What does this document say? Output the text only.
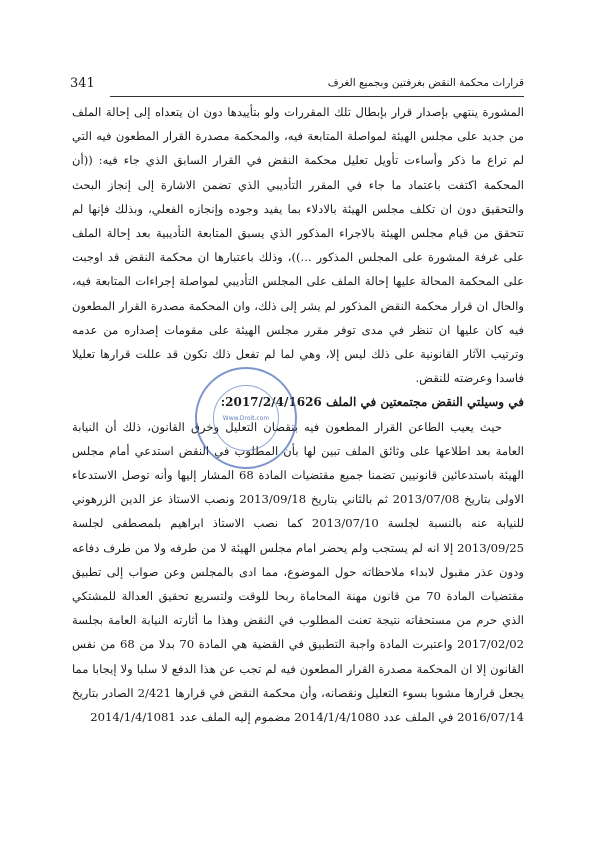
341	قرارات محكمة النقض بغرفتين وبجميع الغرف

المشورة ينتهي بإصدار قرار بإبطال تلك المقررات ولو بتأييدها دون ان يتعداه إلى إحالة الملف من جديد على مجلس الهيئة لمواصلة المتابعة فيه، والمحكمة مصدرة القرار المطعون فيه التي لم تراع ما ذكر وأساءت تأويل تعليل محكمة النقض في القرار السابق الذي جاء فيه: ((أن المحكمة اكتفت باعتماد ما جاء في المقرر التأديبي الذي تضمن الاشارة إلى إنجاز البحث والتحقيق دون ان تكلف مجلس الهيئة بالادلاء بما يفيد وجوده وإنجازه الفعلي، وبذلك فإنها لم تتحقق من قيام مجلس الهيئة بالاجراء المذكور الذي يسبق المتابعة التأديبية بعد إحالة الملف على غرفة المشورة على المجلس المذكور ...))، وذلك باعتبارها ان محكمة النقض قد اوجبت على المحكمة المحالة عليها إحالة الملف على المجلس التأديبي لمواصلة إجراءات المتابعة فيه، والحال ان قرار محكمة النقض المذكور لم يشر إلى ذلك، وان المحكمة مصدرة القرار المطعون فيه كان عليها ان تنظر في مدى توفر مقرر مجلس الهيئة على مقومات إصداره من عدمه وترتيب الآثار القانونية على ذلك ليس إلا، وهي لما لم تفعل ذلك تكون قد عللت قرارها تعليلا فاسدا وعرضته للنقض.

في وسيلتي النقض مجتمعتين في الملف 2017/2/4/1626:

حيث يعيب الطاعن القرار المطعون فيه بنقصان التعليل وخرق القانون، ذلك أن النيابة العامة بعد اطلاعها على وثائق الملف تبين لها بأن المطلوب في النقض استدعي أمام مجلس الهيئة باستدعائين قانونيين تضمنا جميع مقتضيات المادة 68 المشار إليها وأنه توصل الاستدعاء الاولى بتاريخ 2013/07/08 ثم بالثاني بتاريخ 2013/09/18 ونصب الاستاذ عز الدين الزرهوني للنيابة عنه بالنسبة لجلسة 2013/07/10 كما نصب الاستاذ ابراهيم بلمصطفى لجلسة 2013/09/25 إلا انه لم يستجب ولم يحضر امام مجلس الهيئة لا من طرفه ولا من طرف دفاعه ودون عذر مقبول لابداء ملاحظاته حول الموضوع، مما ادى بالمجلس وعن صواب إلى تطبيق مقتضيات المادة 70 من قانون مهنة المحاماة ربحا للوقت ولتسريع تحقيق العدالة للمشتكي الذي حرم من مستحقاته نتيجة تعنت المطلوب في النقض وهذا ما أثارته النيابة العامة بجلسة 2017/02/02 واعتبرت المادة واجبة التطبيق في القضية هي المادة 70 بدلا من 68 من نفس القانون إلا ان المحكمة مصدرة القرار المطعون فيه لم تجب عن هذا الدفع لا سلبا ولا إيجابا مما يجعل قرارها مشوبا بسوء التعليل ونقصانه، وأن محكمة النقض في قرارها 2/421 الصادر بتاريخ 2016/07/14 في الملف عدد 2014/1/4/1080 مضموم إليه الملف عدد 2014/1/4/1081

Www.Droit.com
